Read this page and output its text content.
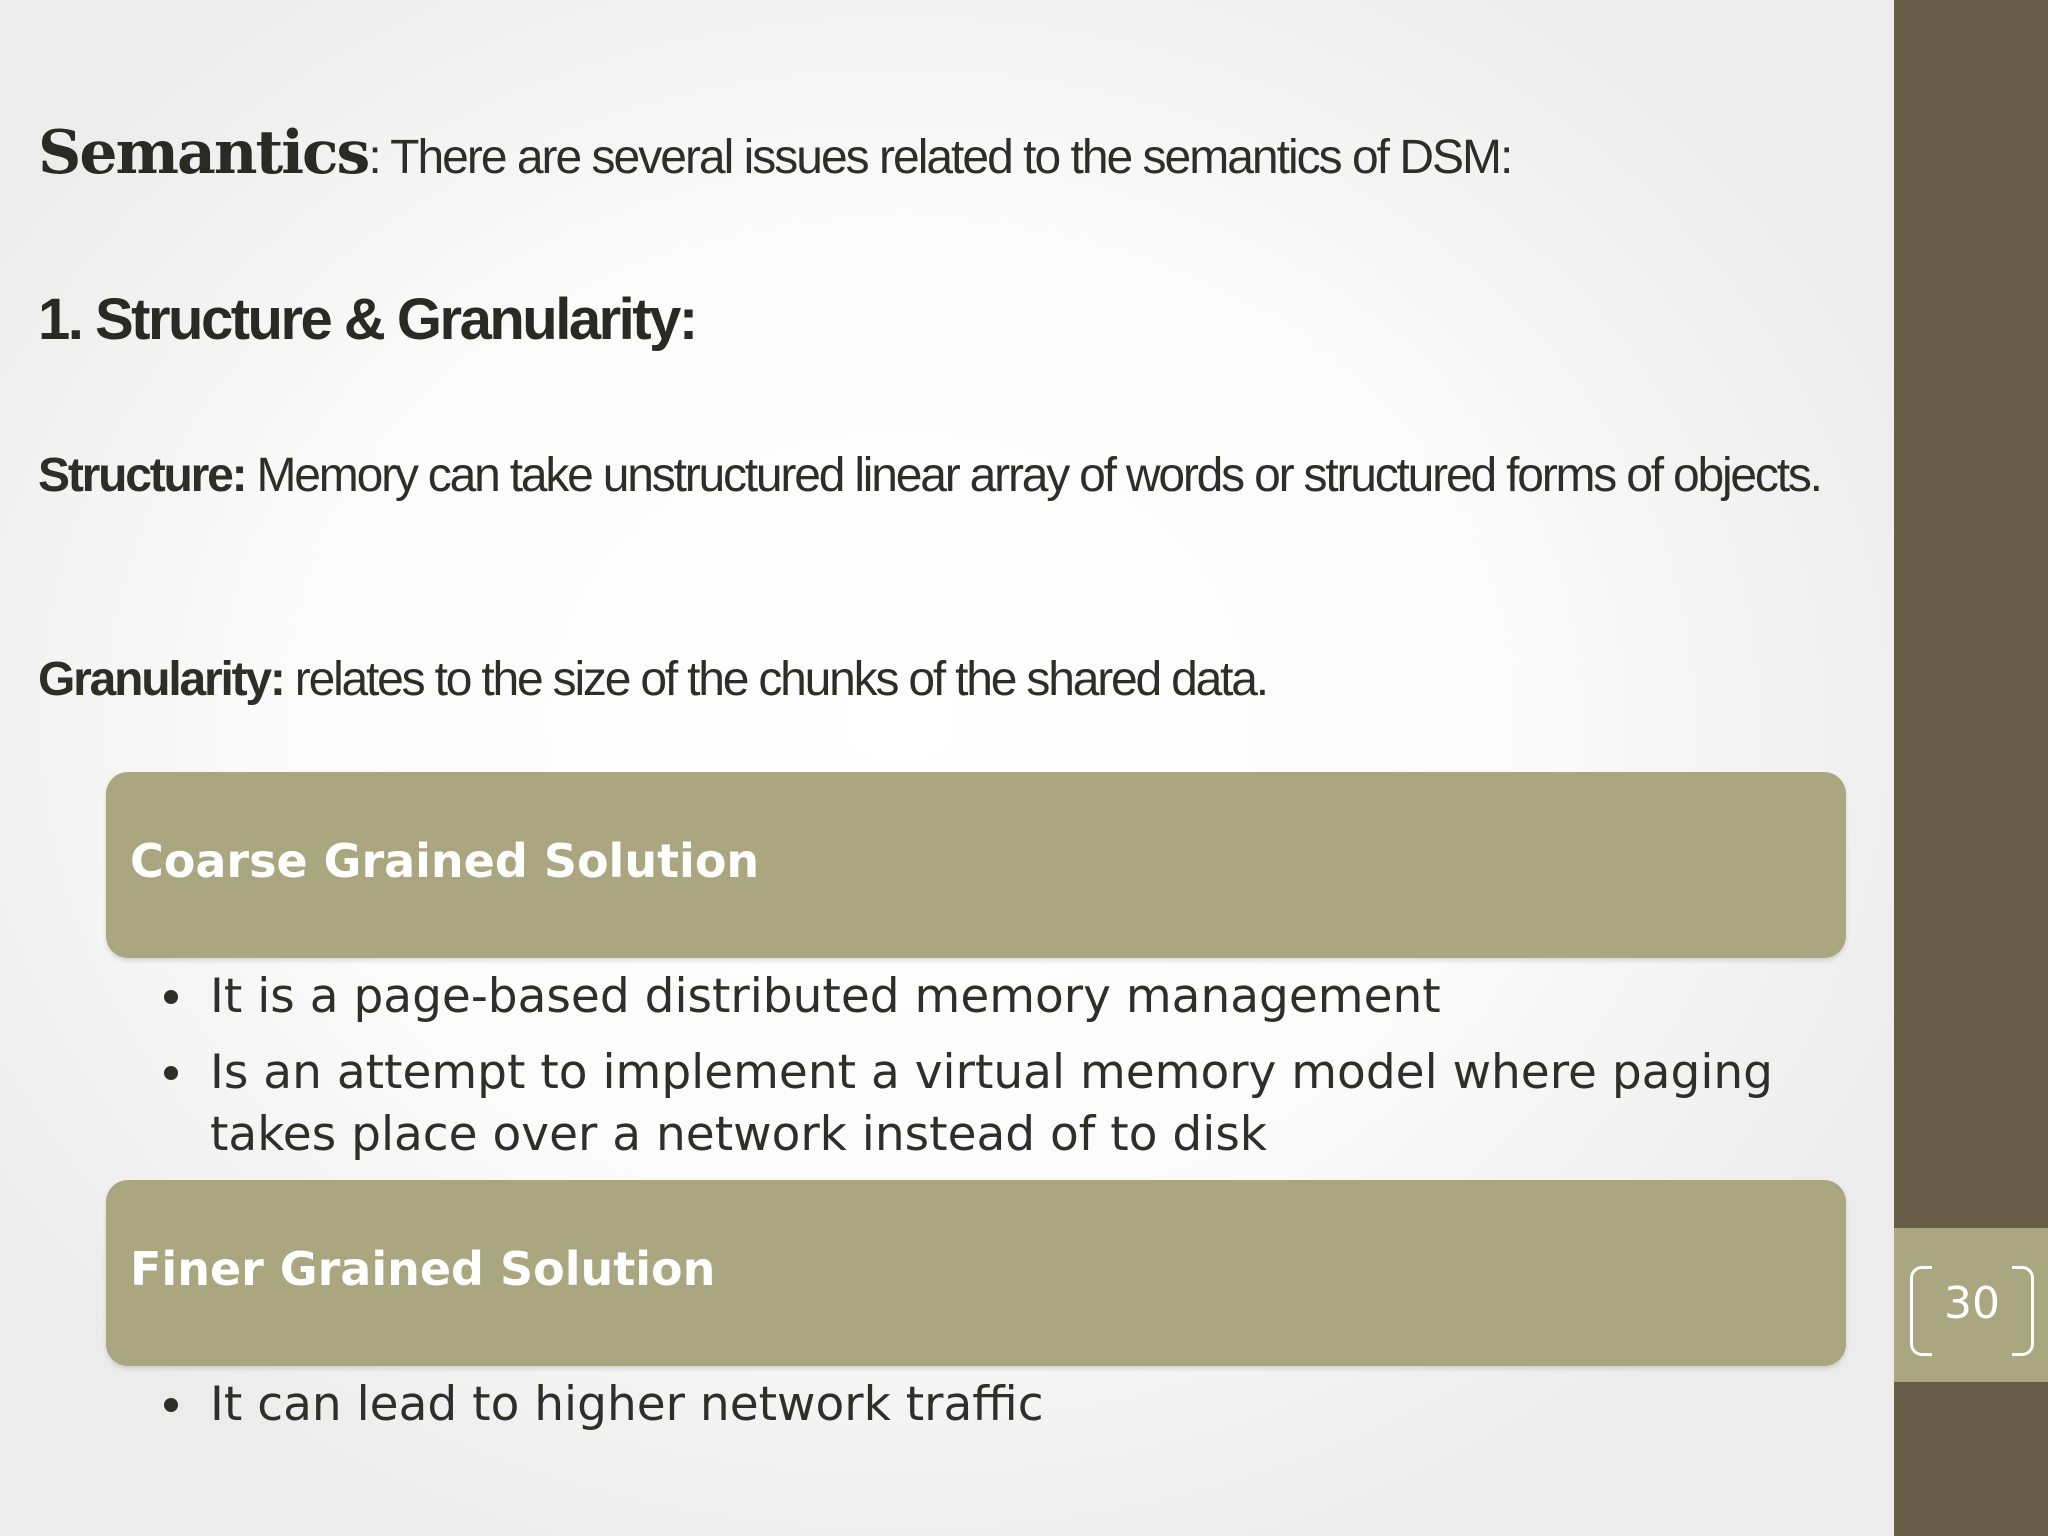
30
Semantics: There are several issues related to the semantics of DSM:
1. Structure & Granularity:
Structure: Memory can take unstructured linear array of words or structured forms of objects.
Granularity: relates to the size of the chunks of the shared data.
Coarse Grained Solution
It is a page-based distributed memory management
Is an attempt to implement a virtual memory model where paging takes place over a network instead of to disk
Finer Grained Solution
It can lead to higher network traffic
